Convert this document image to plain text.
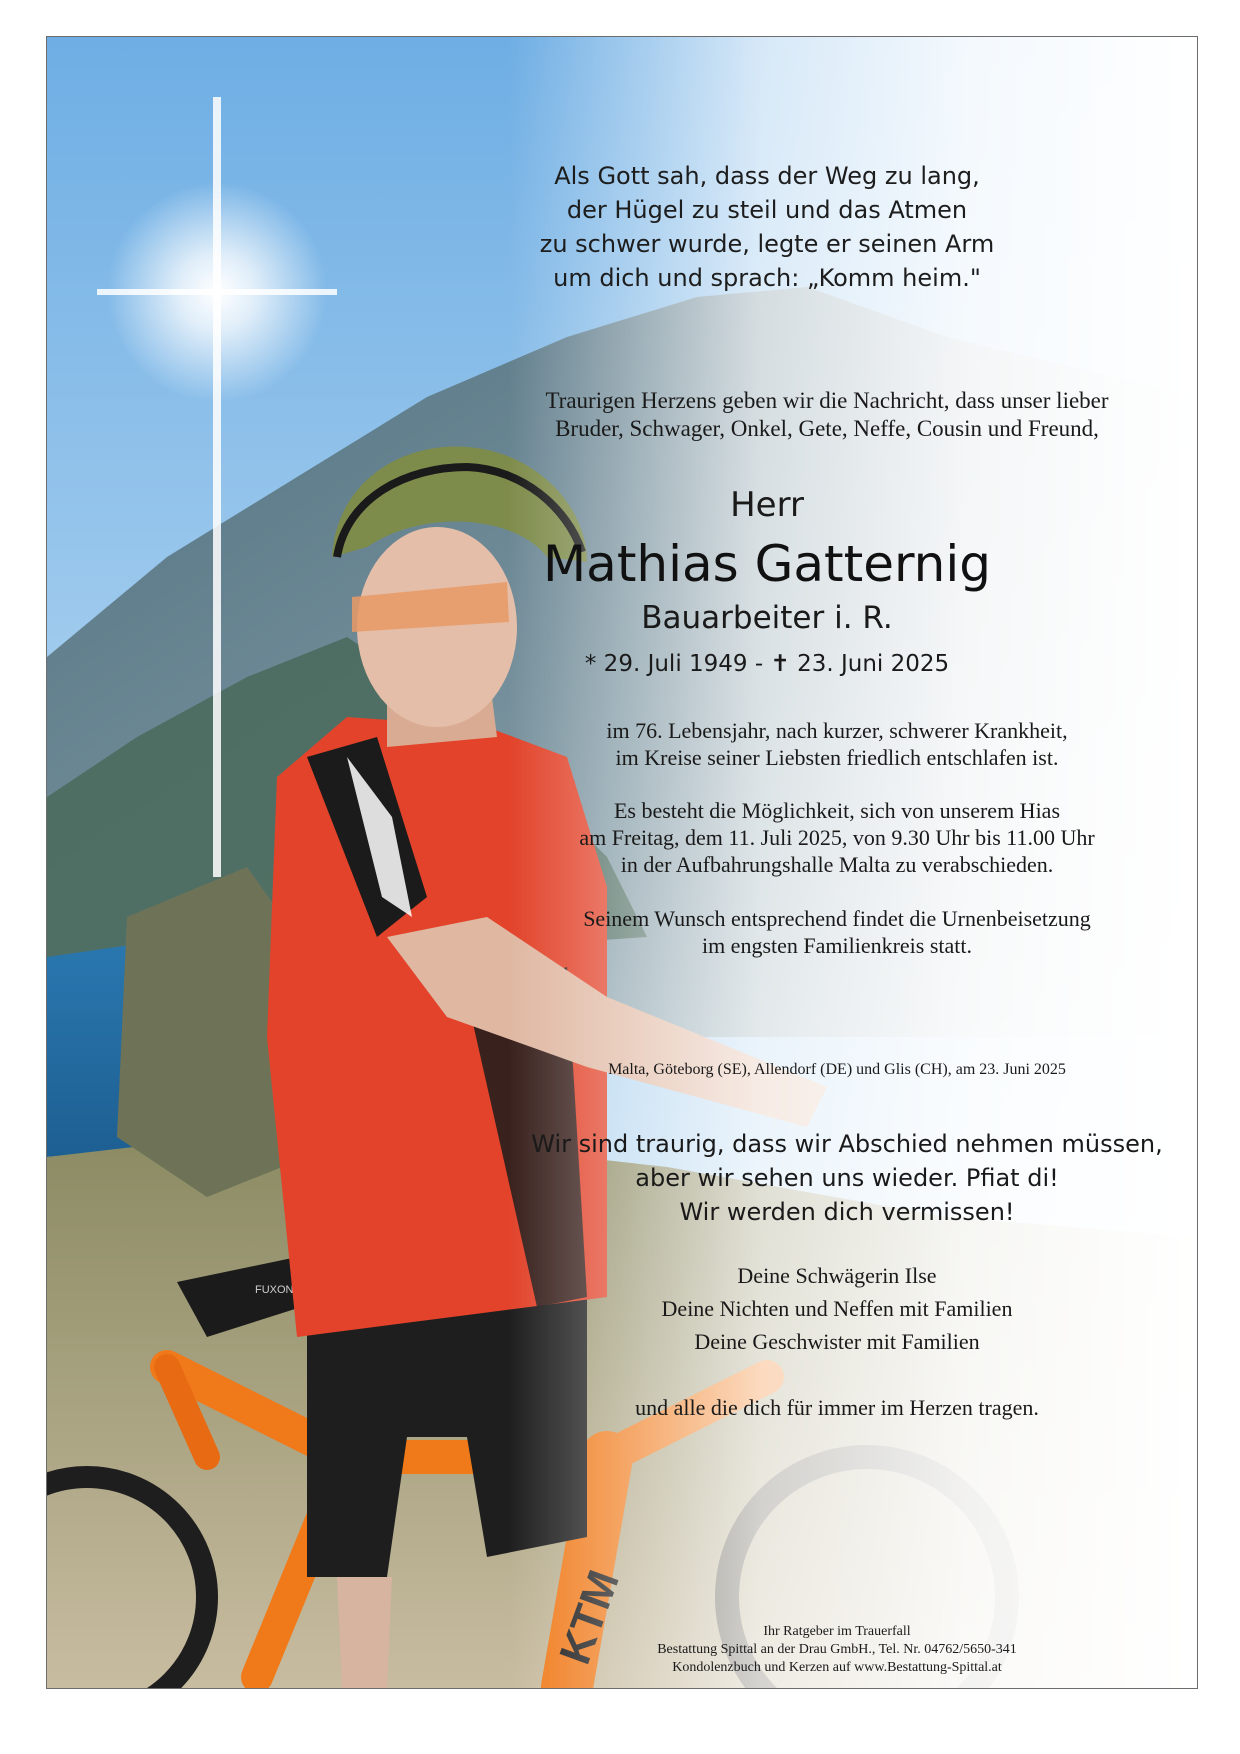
Als Gott sah, dass der Weg zu lang,
der Hügel zu steil und das Atmen
zu schwer wurde, legte er seinen Arm
um dich und sprach: „Komm heim."
Traurigen Herzens geben wir die Nachricht, dass unser lieber
Bruder, Schwager, Onkel, Gete, Neffe, Cousin und Freund,
Herr
Mathias Gatternig
Bauarbeiter i. R.
* 29. Juli 1949 - ✝ 23. Juni 2025
im 76. Lebensjahr, nach kurzer, schwerer Krankheit,
im Kreise seiner Liebsten friedlich entschlafen ist.
Es besteht die Möglichkeit, sich von unserem Hias
am Freitag, dem 11. Juli 2025, von 9.30 Uhr bis 11.00 Uhr
in der Aufbahrungshalle Malta zu verabschieden.
Seinem Wunsch entsprechend findet die Urnenbeisetzung
im engsten Familienkreis statt.
Malta, Göteborg (SE), Allendorf (DE) und Glis (CH), am 23. Juni 2025
Wir sind traurig, dass wir Abschied nehmen müssen,
aber wir sehen uns wieder. Pfiat di!
Wir werden dich vermissen!
Deine Schwägerin Ilse
Deine Nichten und Neffen mit Familien
Deine Geschwister mit Familien
und alle die dich für immer im Herzen tragen.
Ihr Ratgeber im Trauerfall
Bestattung Spittal an der Drau GmbH., Tel. Nr. 04762/5650-341
Kondolenzbuch und Kerzen auf www.Bestattung-Spittal.at
